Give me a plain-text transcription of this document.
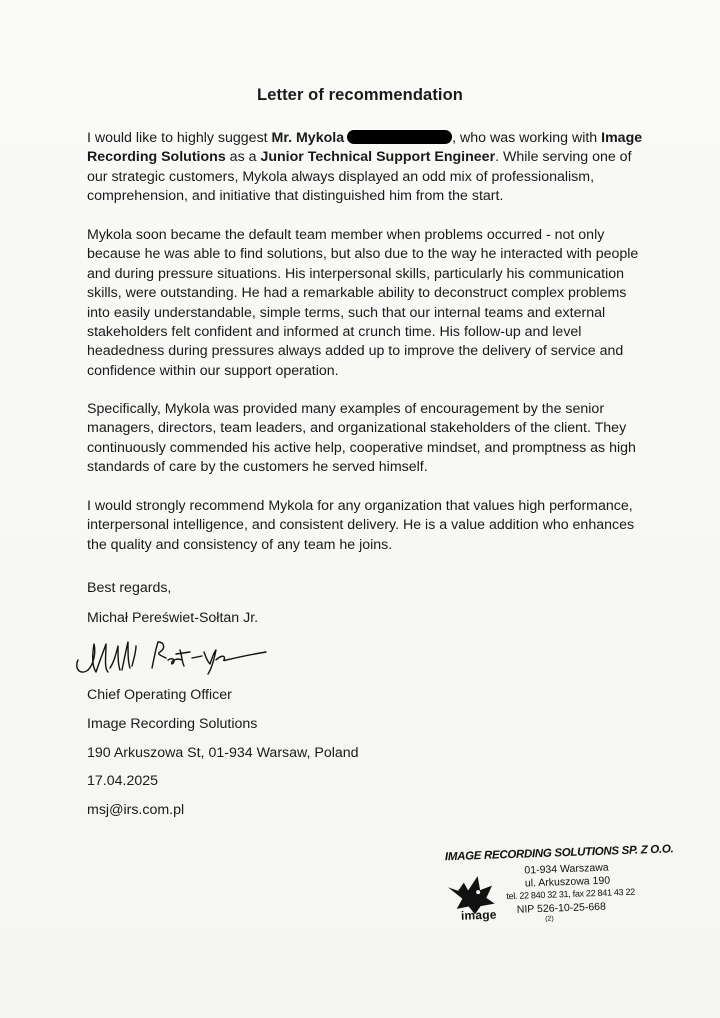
Letter of recommendation

I would like to highly suggest Mr. Mykola	, who was working with Image Recording Solutions as a Junior Technical Support Engineer. While serving one of our strategic customers, Mykola always displayed an odd mix of professionalism, comprehension, and initiative that distinguished him from the start.

Mykola soon became the default team member when problems occurred - not only because he was able to find solutions, but also due to the way he interacted with people and during pressure situations. His interpersonal skills, particularly his communication skills, were outstanding. He had a remarkable ability to deconstruct complex problems into easily understandable, simple terms, such that our internal teams and external stakeholders felt confident and informed at crunch time. His follow-up and level headedness during pressures always added up to improve the delivery of service and confidence within our support operation.

Specifically, Mykola was provided many examples of encouragement by the senior managers, directors, team leaders, and organizational stakeholders of the client. They continuously commended his active help, cooperative mindset, and promptness as high standards of care by the customers he served himself.

I would strongly recommend Mykola for any organization that values high performance, interpersonal intelligence, and consistent delivery. He is a value addition who enhances the quality and consistency of any team he joins.

Best regards,
Michał Pereświet-Sołtan Jr.
Chief Operating Officer
Image Recording Solutions
190 Arkuszowa St, 01-934 Warsaw, Poland
17.04.2025
msj@irs.com.pl
IMAGE RECORDING SOLUTIONS SP. Z O.O.
image
01-934 Warszawa
ul. Arkuszowa 190
tel. 22 840 32 31, fax 22 841 43 22
NIP 526-10-25-668
(2)
